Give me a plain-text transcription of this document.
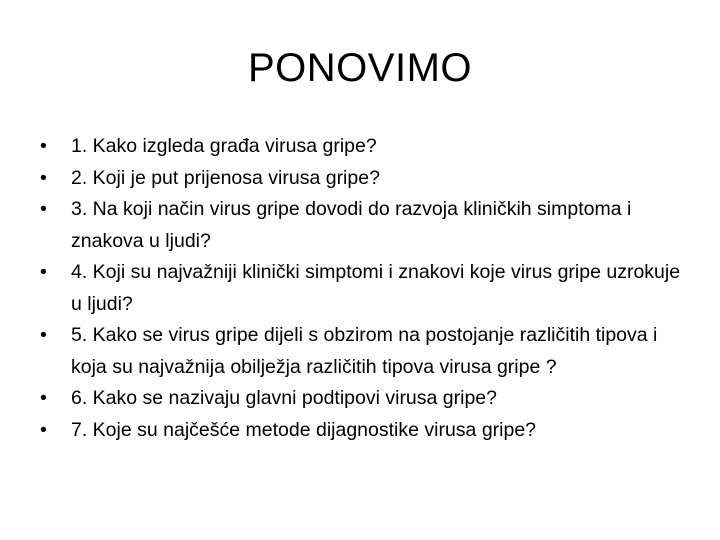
PONOVIMO
•	1. Kako izgleda građa virusa gripe?
•	2. Koji je put prijenosa virusa gripe?
•	3. Na koji način virus gripe dovodi do razvoja kliničkih simptoma i znakova u ljudi?
•	4. Koji su najvažniji klinički simptomi i znakovi koje virus gripe uzrokuje u ljudi?
•	5. Kako se virus gripe dijeli s obzirom na postojanje različitih tipova i koja su najvažnija obilježja različitih tipova virusa gripe ?
•	6. Kako se nazivaju glavni podtipovi virusa gripe?
•	7. Koje su najčešće metode dijagnostike virusa gripe?
